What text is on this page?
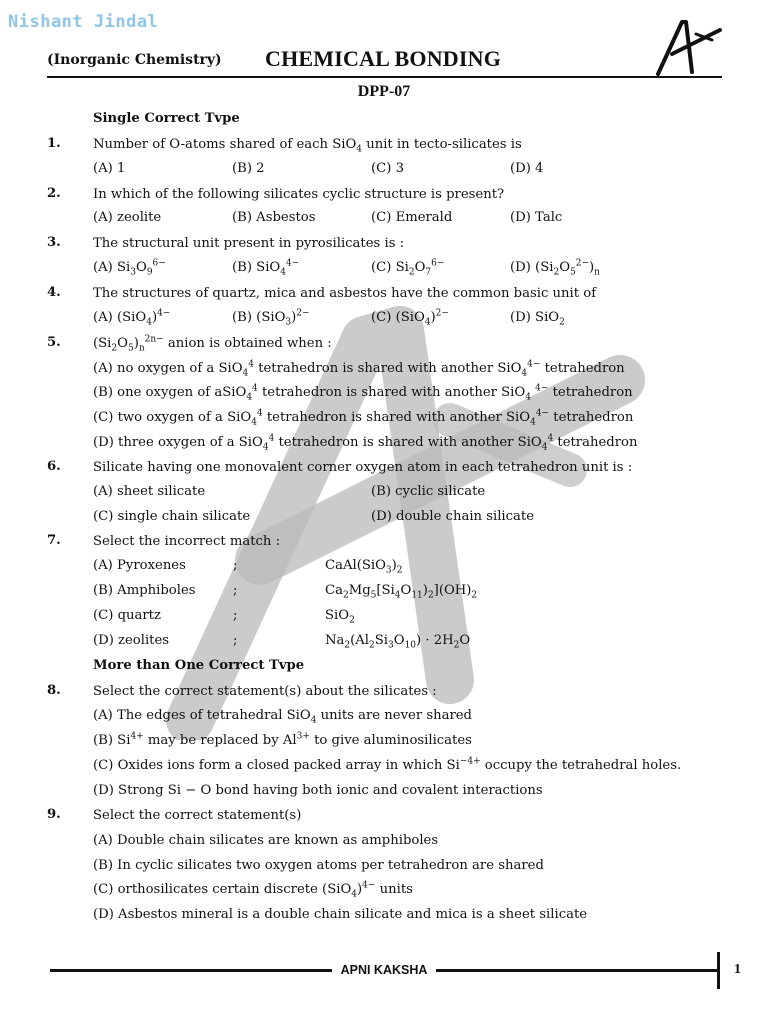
Nishant Jindal
(Inorganic Chemistry) CHEMICAL BONDING
DPP-07
Single Correct Tvpe
1. Number of O-atoms shared of each SiO$_4$ unit in tecto-silicates is
(A) 1	(B) 2	(C) 3	(D) 4
2. In which of the following silicates cyclic structure is present?
(A) zeolite	(B) Asbestos	(C) Emerald	(D) Talc
3. The structural unit present in pyrosilicates is :
(A) $Si_3O_9^{6-}$	(B) SiO$_4^{4-}$	(C) $Si_2O_7^{6-}$	(D) $(Si_2O_5^{2-})_n$
4. The structures of quartz, mica and asbestos have the common basic unit of
(A) $(SiO_4)^{4-}$	(B) $(SiO_3)^{2-}$	(C) $(SiO_4)^{2-}$	(D) SiO$_2$
5. $(Si_2O_5)_n^{2n-}$ anion is obtained when :
(A) no oxygen of a SiO$_4^4$ tetrahedron is shared with another SiO$_4^{4-}$ tetrahedron
(B) one oxygen of aSiO$_4^4$ tetrahedron is shared with another SiO$_4$ $^{4-}$ tetrahedron
(C) two oxygen of a SiO$_4^4$ tetrahedron is shared with another SiO$_4^{4-}$ tetrahedron
(D) three oxygen of a SiO$_4^4$ tetrahedron is shared with another SiO$_4^4$ tetrahedron
6. Silicate having one monovalent corner oxygen atom in each tetrahedron unit is :
(A) sheet silicate	(B) cyclic silicate
(C) single chain silicate	(D) double chain silicate
7. Select the incorrect match :
(A) Pyroxenes	;	$CaAl(SiO_3)_2$
(B) Amphiboles	;	$Ca_2Mg_5[Si_4O_{11})_2](OH)_2$
(C) quartz	;	SiO$_2$
(D) zeolites	;	$Na_2(Al_2Si_3O_{10}) \cdot 2H_2O$
More than One Correct Tvpe
8. Select the correct statement(s) about the silicates :
(A) The edges of tetrahedral SiO$_4$ units are never shared
(B) $Si^{4+}$ may be replaced by $Al^{3+}$ to give aluminosilicates
(C) Oxides ions form a closed packed array in which $Si^{-4+}$ occupy the tetrahedral holes.
(D) Strong Si − O bond having both ionic and covalent interactions
9. Select the correct statement(s)
(A) Double chain silicates are known as amphiboles
(B) In cyclic silicates two oxygen atoms per tetrahedron are shared
(C) orthosilicates certain discrete $(SiO_4)^{4-}$ units
(D) Asbestos mineral is a double chain silicate and mica is a sheet silicate
APNI KAKSHA	1
